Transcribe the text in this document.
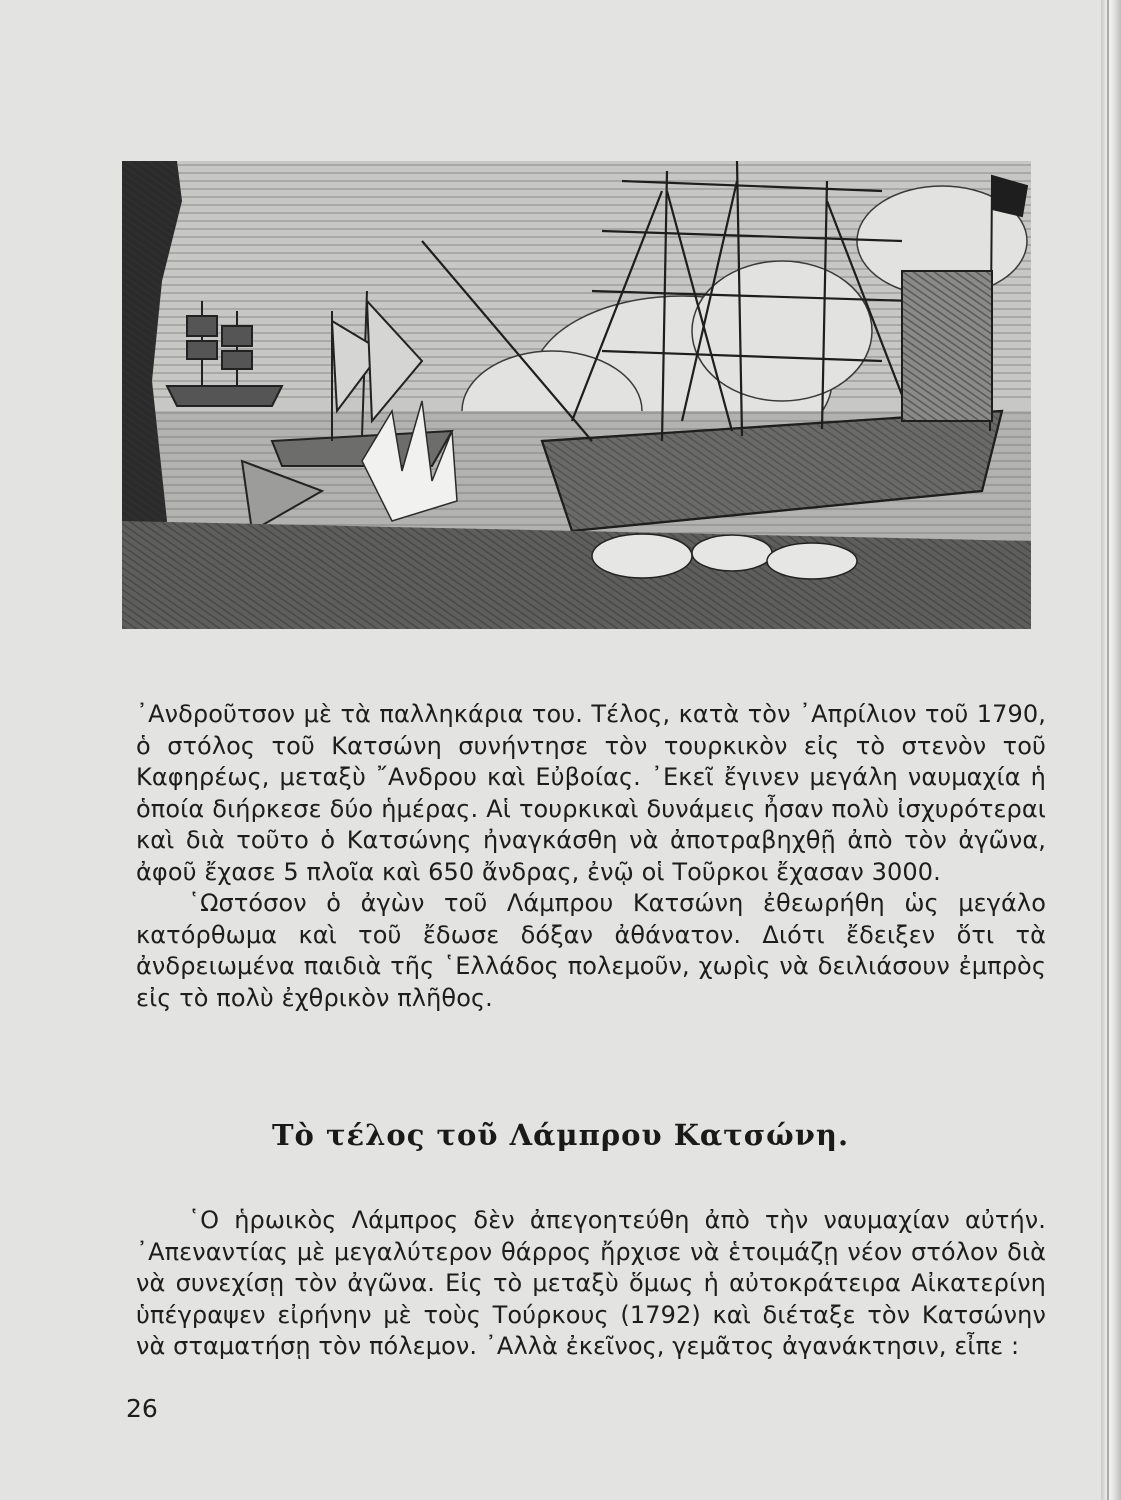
᾿Ανδροῦτσον μὲ τὰ παλληκάρια του. Τέλος, κατὰ τὸν ᾿Απρίλιον τοῦ 1790, ὁ στόλος τοῦ Κατσώνη συνήντησε τὸν τουρκικὸν εἰς τὸ στενὸν τοῦ Καφηρέως, μεταξὺ ῎Ανδρου καὶ Εὐβοίας. ᾿Εκεῖ ἔγινεν μεγάλη ναυμαχία ἡ ὁποία διήρκεσε δύο ἡμέρας. Αἱ τουρκικαὶ δυνάμεις ἦσαν πολὺ ἰσχυρότεραι καὶ διὰ τοῦτο ὁ Κατσώνης ἠναγκάσθη νὰ ἀποτραβηχθῇ ἀπὸ τὸν ἀγῶνα, ἀφοῦ ἔχασε 5 πλοῖα καὶ 650 ἄνδρας, ἐνῷ οἱ Τοῦρκοι ἔχασαν 3000.

῾Ωστόσον ὁ ἀγὼν τοῦ Λάμπρου Κατσώνη ἐθεωρήθη ὡς μεγάλο κατόρθωμα καὶ τοῦ ἔδωσε δόξαν ἀθάνατον. Διότι ἔδειξεν ὅτι τὰ ἀνδρειωμένα παιδιὰ τῆς ῾Ελλάδος πολεμοῦν, χωρὶς νὰ δειλιάσουν ἐμπρὸς εἰς τὸ πολὺ ἐχθρικὸν πλῆθος.

Τὸ τέλος τοῦ Λάμπρου Κατσώνη.

῾Ο ἡρωικὸς Λάμπρος δὲν ἀπεγοητεύθη ἀπὸ τὴν ναυμαχίαν αὐτήν. ᾿Απεναντίας μὲ μεγαλύτερον θάρρος ἤρχισε νὰ ἑτοιμάζῃ νέον στόλον διὰ νὰ συνεχίσῃ τὸν ἀγῶνα. Εἰς τὸ μεταξὺ ὅμως ἡ αὐτοκράτειρα Αἰκατερίνη ὑπέγραψεν εἰρήνην μὲ τοὺς Τούρκους (1792) καὶ διέταξε τὸν Κατσώνην νὰ σταματήσῃ τὸν πόλεμον. ᾿Αλλὰ ἐκεῖνος, γεμᾶτος ἀγανάκτησιν, εἶπε :

26
